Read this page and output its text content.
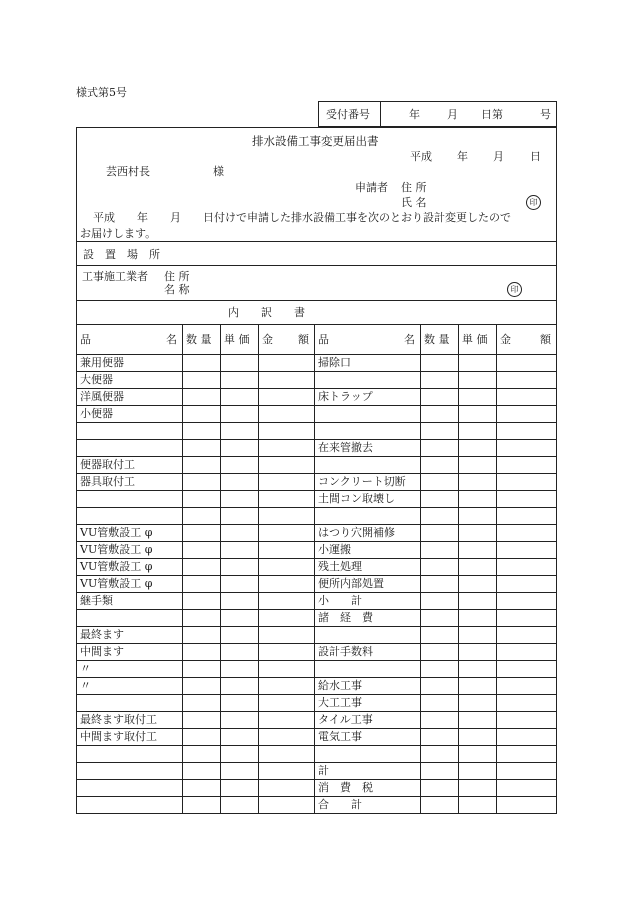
様式第5号
受付番号	年 月 日第	号
排水設備工事変更届出書
平成 年 月 日
芸西村長	様
申請者 住 所
氏 名	印
平成　　年　　月　　日付けで申請した排水設備工事を次のとおり設計変更したので
お届けします。
設　置　場　所
工事施工業者 住 所
名 称	印
内　　訳　　書
品 名	数 量	単 価	金 額	品 名	数 量	単 価	金 額

兼用便器				掃除口			
大便器							
洋風便器				床トラップ			
小便器							

				在来管撤去			
便器取付工							
器具取付工				コンクリート切断			
				土間コン取壊し			

VU管敷設工 φ				はつり穴開補修			
VU管敷設工 φ				小運搬			
VU管敷設工 φ				残土処理			
VU管敷設工 φ				便所内部処置			
継手類				小　　計			
				諸　経　費			
最終ます							
中間ます				設計手数料			
〃							
〃				給水工事			
				大工工事			
最終ます取付工				タイル工事			
中間ます取付工				電気工事			

				計			
				消　費　税			
				合　　計			
